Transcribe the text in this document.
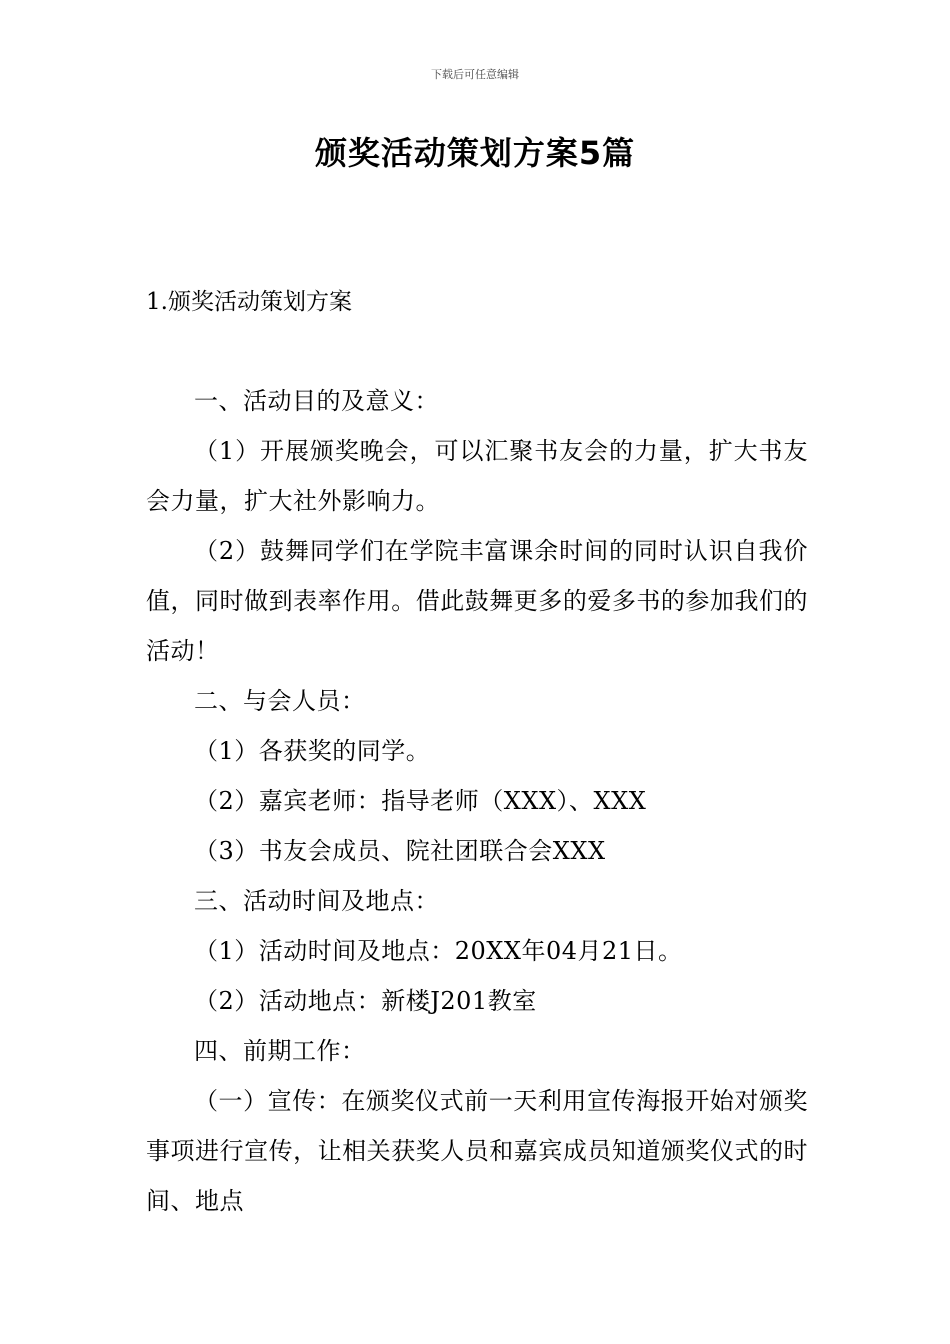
下载后可任意编辑
颁奖活动策划方案5篇
1.颁奖活动策划方案

一、活动目的及意义：

（1）开展颁奖晚会，可以汇聚书友会的力量，扩大书友会力量，扩大社外影响力。

（2）鼓舞同学们在学院丰富课余时间的同时认识自我价值，同时做到表率作用。借此鼓舞更多的爱多书的参加我们的活动！

二、与会人员：

（1）各获奖的同学。

（2）嘉宾老师：指导老师（XXX）、XXX

（3）书友会成员、院社团联合会XXX

三、活动时间及地点：

（1）活动时间及地点：20XX年04月21日。

（2）活动地点：新楼J201教室

四、前期工作：

（一）宣传：在颁奖仪式前一天利用宣传海报开始对颁奖事项进行宣传，让相关获奖人员和嘉宾成员知道颁奖仪式的时间、地点
